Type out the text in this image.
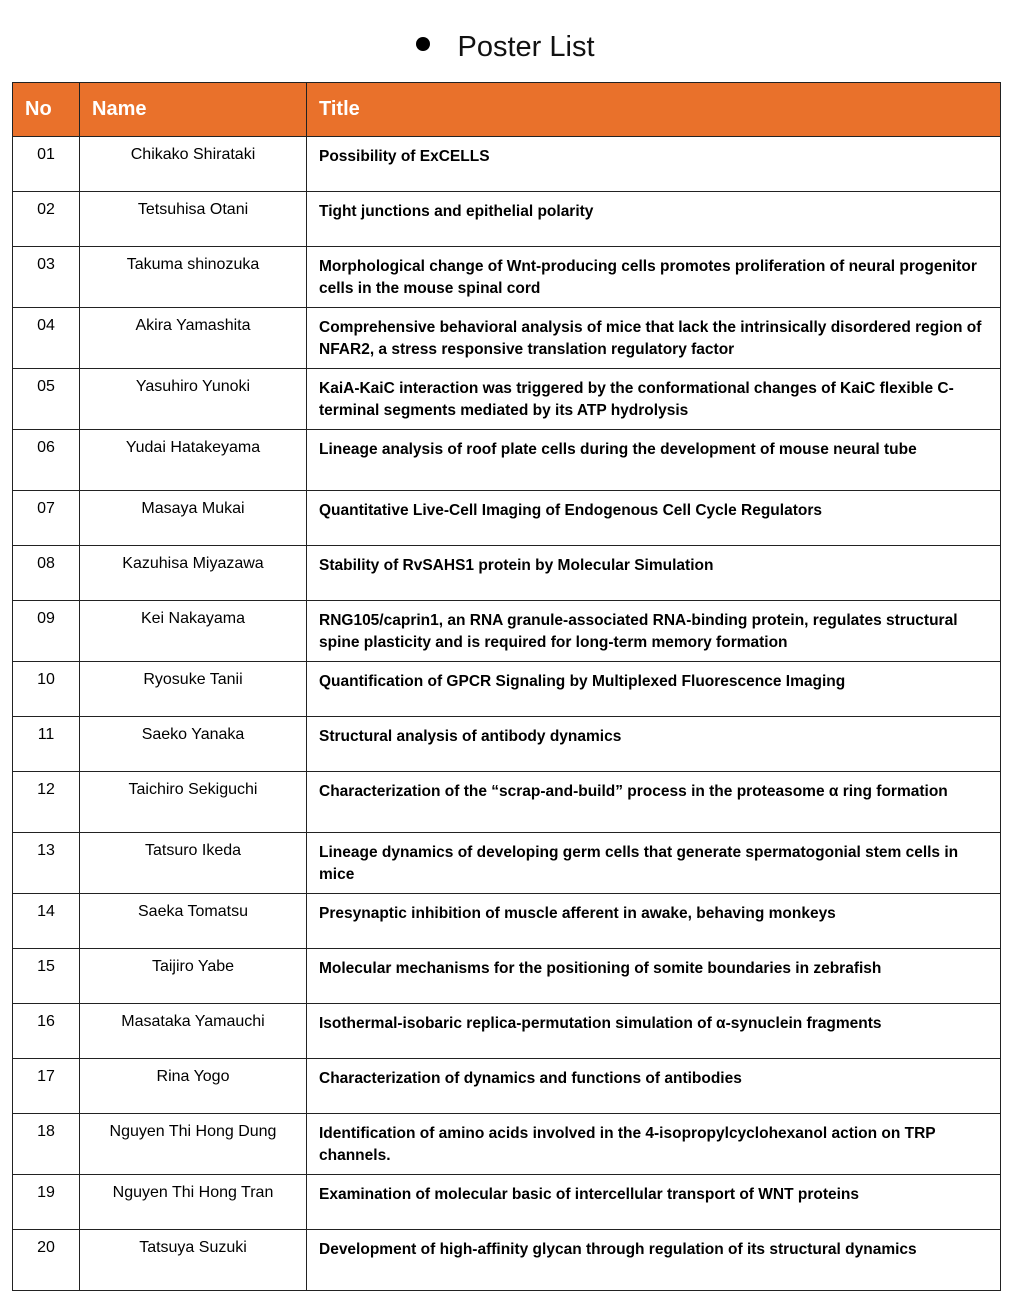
Poster List
No	Name	Title
01	Chikako Shirataki	Possibility of ExCELLS
02	Tetsuhisa Otani	Tight junctions and epithelial polarity
03	Takuma shinozuka	Morphological change of Wnt-producing cells promotes proliferation of neural progenitor cells in the mouse spinal cord
04	Akira Yamashita	Comprehensive behavioral analysis of mice that lack the intrinsically disordered region of NFAR2, a stress responsive translation regulatory factor
05	Yasuhiro Yunoki	KaiA-KaiC interaction was triggered by the conformational changes of KaiC flexible C-terminal segments mediated by its ATP hydrolysis
06	Yudai Hatakeyama	Lineage analysis of roof plate cells during the development of mouse neural tube
07	Masaya Mukai	Quantitative Live-Cell Imaging of Endogenous Cell Cycle Regulators
08	Kazuhisa Miyazawa	Stability of RvSAHS1 protein by Molecular Simulation
09	Kei Nakayama	RNG105/caprin1, an RNA granule-associated RNA-binding protein, regulates structural spine plasticity and is required for long-term memory formation
10	Ryosuke Tanii	Quantification of GPCR Signaling by Multiplexed Fluorescence Imaging
11	Saeko Yanaka	Structural analysis of antibody dynamics
12	Taichiro Sekiguchi	Characterization of the “scrap-and-build” process in the proteasome α ring formation
13	Tatsuro Ikeda	Lineage dynamics of developing germ cells that generate spermatogonial stem cells in mice
14	Saeka Tomatsu	Presynaptic inhibition of muscle afferent in awake, behaving monkeys
15	Taijiro Yabe	Molecular mechanisms for the positioning of somite boundaries in zebrafish
16	Masataka Yamauchi	Isothermal-isobaric replica-permutation simulation of α-synuclein fragments
17	Rina Yogo	Characterization of dynamics and functions of antibodies
18	Nguyen Thi Hong Dung	Identification of amino acids involved in the 4-isopropylcyclohexanol action on TRP channels.
19	Nguyen Thi Hong Tran	Examination of molecular basic of intercellular transport of WNT proteins
20	Tatsuya Suzuki	Development of high-affinity glycan through regulation of its structural dynamics
